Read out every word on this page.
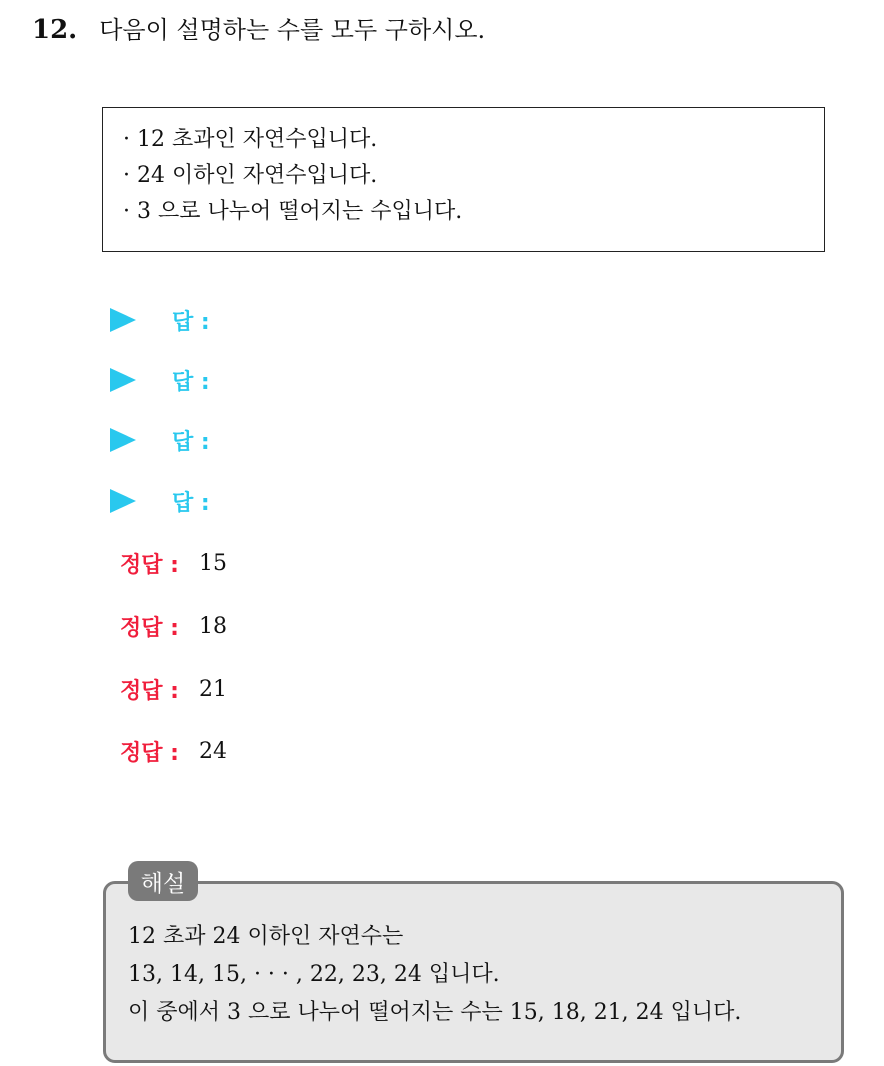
12. 다음이 설명하는 수를 모두 구하시오.
· 12 초과인 자연수입니다.
· 24 이하인 자연수입니다.
· 3 으로 나누어 떨어지는 수입니다.
답 :
답 :
답 :
답 :
정답 : 15
정답 : 18
정답 : 21
정답 : 24
12 초과 24 이하인 자연수는
13, 14, 15, · · · , 22, 23, 24 입니다.
이 중에서 3 으로 나누어 떨어지는 수는 15, 18, 21, 24 입니다.
해설
